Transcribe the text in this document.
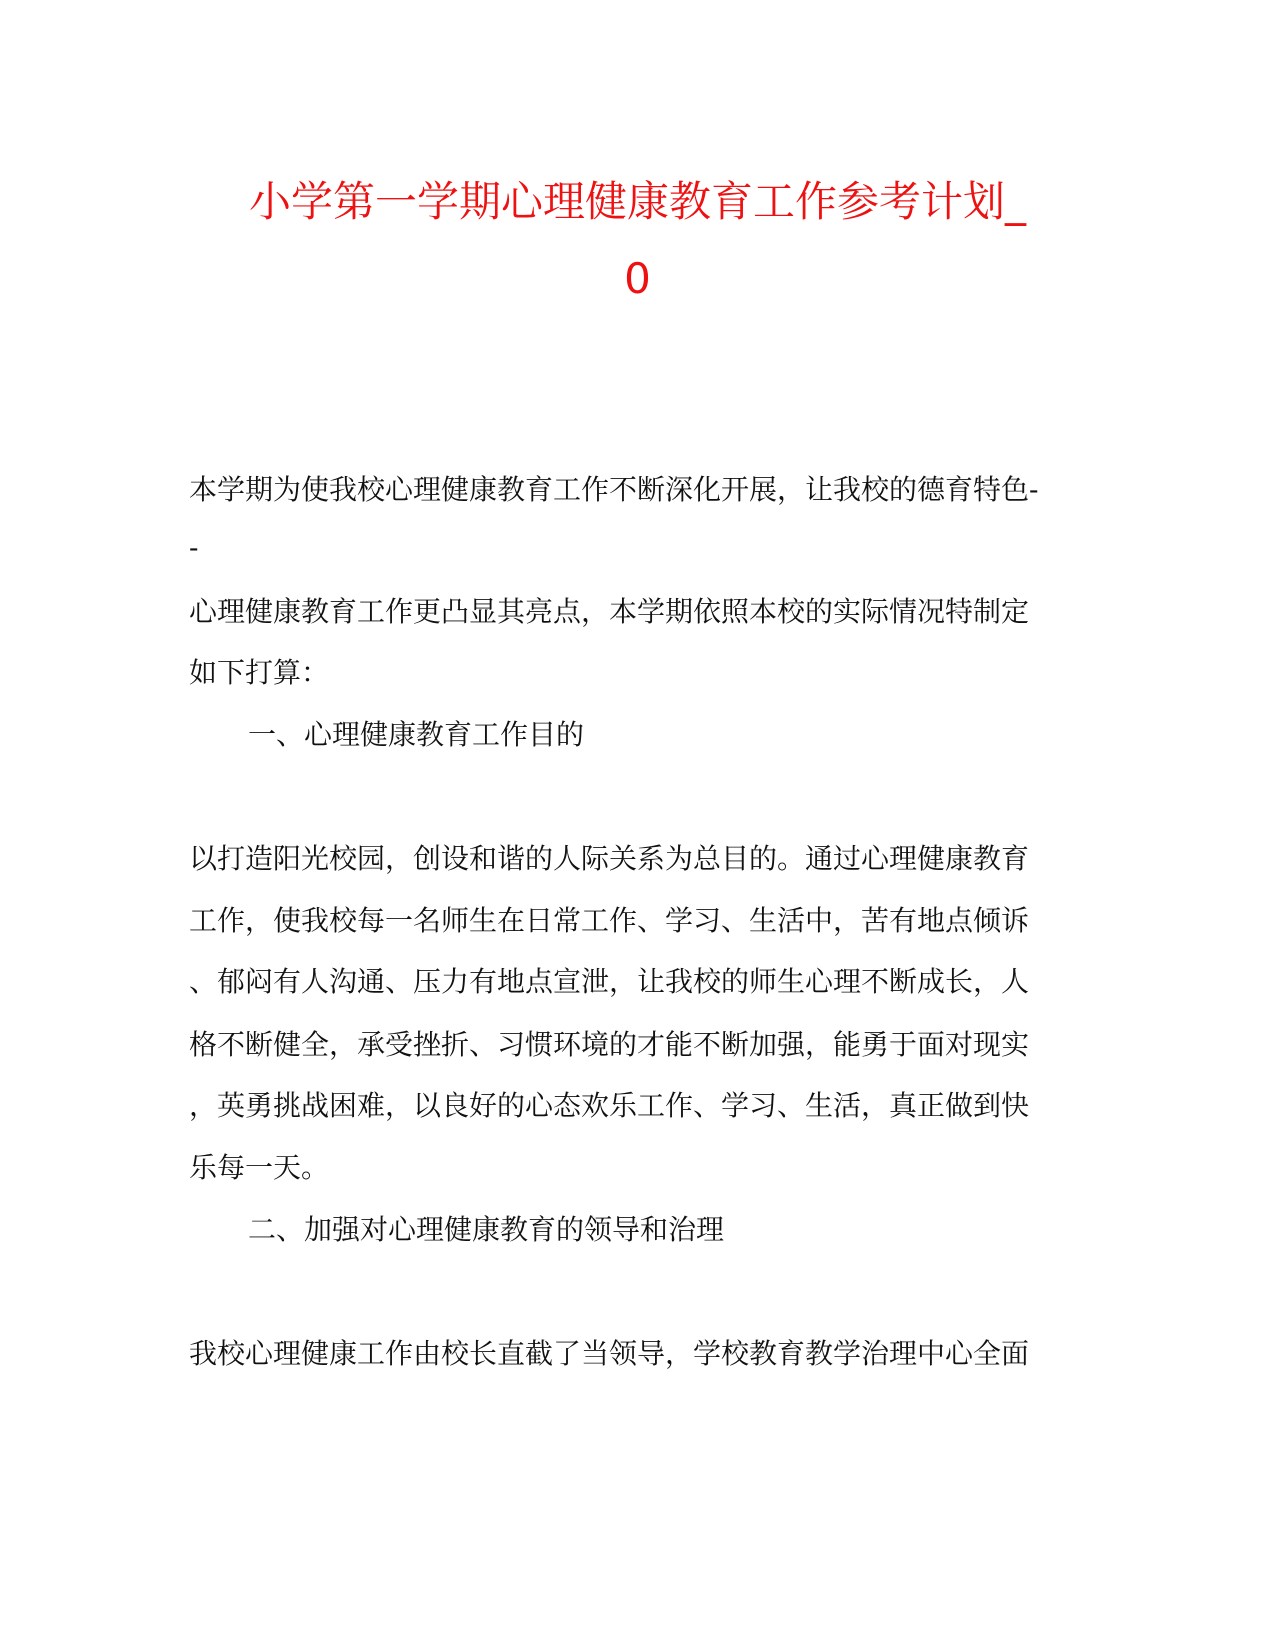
小学第一学期心理健康教育工作参考计划_
0
本学期为使我校心理健康教育工作不断深化开展，让我校的德育特色-
-
心理健康教育工作更凸显其亮点，本学期依照本校的实际情况特制定
如下打算：
一、心理健康教育工作目的
以打造阳光校园，创设和谐的人际关系为总目的。通过心理健康教育
工作，使我校每一名师生在日常工作、学习、生活中，苦有地点倾诉
、郁闷有人沟通、压力有地点宣泄，让我校的师生心理不断成长，人
格不断健全，承受挫折、习惯环境的才能不断加强，能勇于面对现实
，英勇挑战困难，以良好的心态欢乐工作、学习、生活，真正做到快
乐每一天。
二、加强对心理健康教育的领导和治理
我校心理健康工作由校长直截了当领导，学校教育教学治理中心全面
